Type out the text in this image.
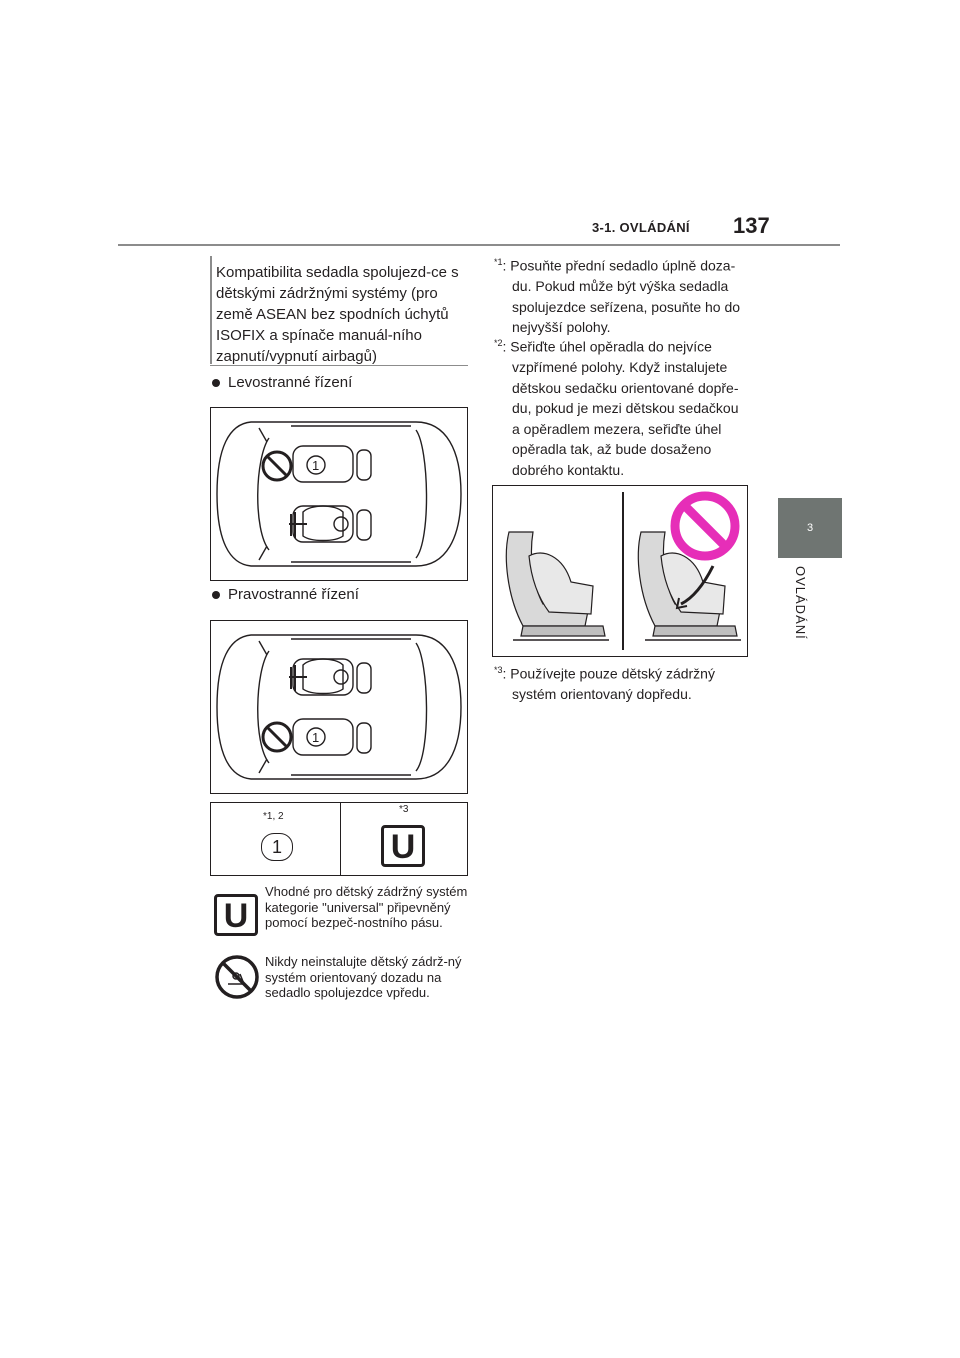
3-1. OVLÁDÁNÍ 137
3
OVLÁDÁNÍ
Kompatibilita sedadla spolujezd-ce s dětskými zádržnými systémy (pro země ASEAN bez spodních úchytů ISOFIX a spínače manuál-ního zapnutí/vypnutí airbagů)
Levostranné řízení
1
Pravostranné řízení
1
*1, 2
1
*3
U
U
Vhodné pro dětský zádržný systém kategorie "universal" připevněný pomocí bezpeč-nostního pásu.
Nikdy neinstalujte dětský zádrž-ný systém orientovaný dozadu na sedadlo spolujezdce vpředu.
$^{*1}$: Posuňte přední sedadlo úplně doza-
du. Pokud může být výška sedadla spolujezdce seřízena, posuňte ho do nejvyšší polohy.
$^{*2}$: Seřiďte úhel opěradla do nejvíce
vzpřímené polohy. Když instalujete dětskou sedačku orientované dopře-du, pokud je mezi dětskou sedačkou a opěradlem mezera, seřiďte úhel opěradla tak, až bude dosaženo dobrého kontaktu.
$^{*3}$: Používejte pouze dětský zádržný
systém orientovaný dopředu.
